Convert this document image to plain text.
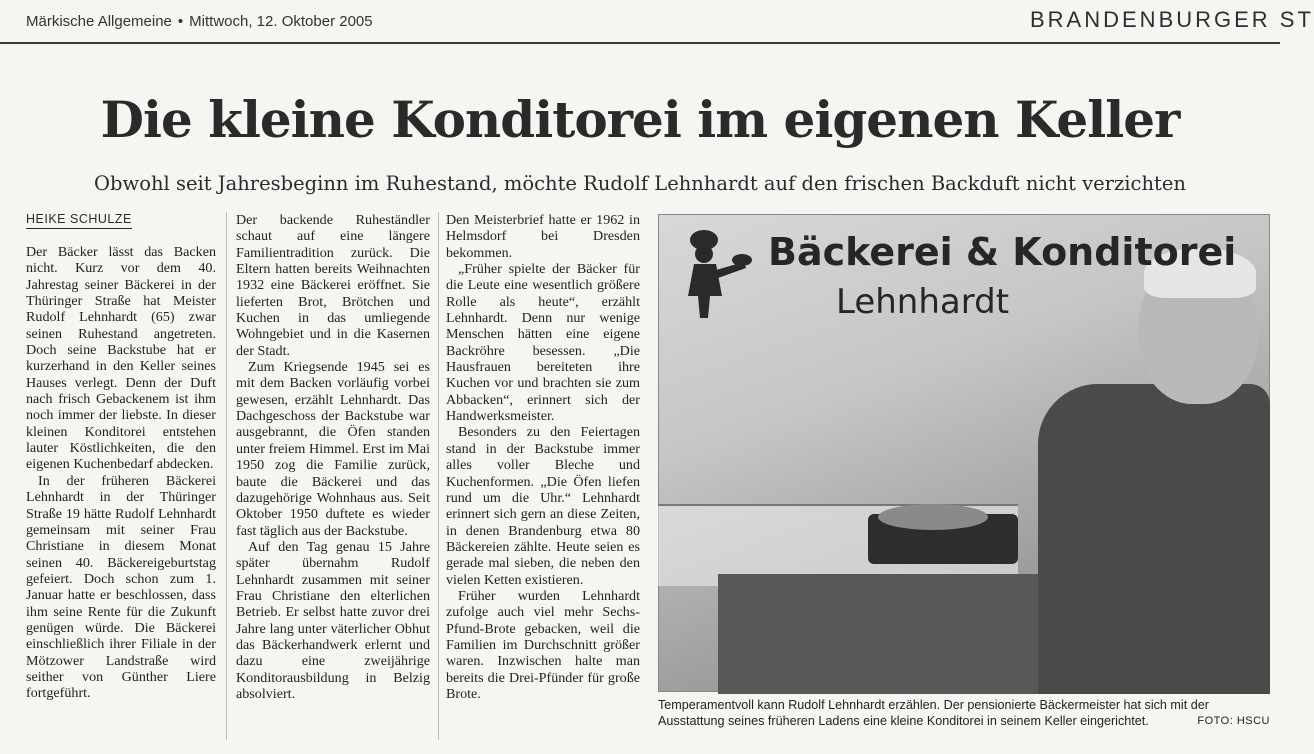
Märkische Allgemeine • Mittwoch, 12. Oktober 2005	BRANDENBURGER ST
Die kleine Konditorei im eigenen Keller
Obwohl seit Jahresbeginn im Ruhestand, möchte Rudolf Lehnhardt auf den frischen Backduft nicht verzichten
HEIKE SCHULZE

Der Bäcker lässt das Backen nicht. Kurz vor dem 40. Jahrestag seiner Bäckerei in der Thüringer Straße hat Meister Rudolf Lehnhardt (65) zwar seinen Ruhestand angetreten. Doch seine Backstube hat er kurzerhand in den Keller seines Hauses verlegt. Denn der Duft nach frisch Gebackenem ist ihm noch immer der liebste. In dieser kleinen Konditorei entstehen lauter Köstlichkeiten, die den eigenen Kuchenbedarf abdecken.

In der früheren Bäckerei Lehnhardt in der Thüringer Straße 19 hätte Rudolf Lehnhardt gemeinsam mit seiner Frau Christiane in diesem Monat seinen 40. Bäckereigeburtstag gefeiert. Doch schon zum 1. Januar hatte er beschlossen, dass ihm seine Rente für die Zukunft genügen würde. Die Bäckerei einschließlich ihrer Filiale in der Mötzower Landstraße wird seither von Günther Liere fortgeführt.

Der backende Ruheständler schaut auf eine längere Familientradition zurück. Die Eltern hatten bereits Weihnachten 1932 eine Bäckerei eröffnet. Sie lieferten Brot, Brötchen und Kuchen in das umliegende Wohngebiet und in die Kasernen der Stadt.

Zum Kriegsende 1945 sei es mit dem Backen vorläufig vorbei gewesen, erzählt Lehnhardt. Das Dachgeschoss der Backstube war ausgebrannt, die Öfen standen unter freiem Himmel. Erst im Mai 1950 zog die Familie zurück, baute die Bäckerei und das dazugehörige Wohnhaus aus. Seit Oktober 1950 duftete es wieder fast täglich aus der Backstube.

Auf den Tag genau 15 Jahre später übernahm Rudolf Lehnhardt zusammen mit seiner Frau Christiane den elterlichen Betrieb. Er selbst hatte zuvor drei Jahre lang unter väterlicher Obhut das Bäckerhandwerk erlernt und dazu eine zweijährige Konditorausbildung in Belzig absolviert.

Den Meisterbrief hatte er 1962 in Helmsdorf bei Dresden bekommen.

„Früher spielte der Bäcker für die Leute eine wesentlich größere Rolle als heute“, erzählt Lehnhardt. Denn nur wenige Menschen hätten eine eigene Backröhre besessen. „Die Hausfrauen bereiteten ihre Kuchen vor und brachten sie zum Abbacken“, erinnert sich der Handwerksmeister.

Besonders zu den Feiertagen stand in der Backstube immer alles voller Bleche und Kuchenformen. „Die Öfen liefen rund um die Uhr.“ Lehnhardt erinnert sich gern an diese Zeiten, in denen Brandenburg etwa 80 Bäckereien zählte. Heute seien es gerade mal sieben, die neben den vielen Ketten existieren.

Früher wurden Lehnhardt zufolge auch viel mehr Sechs-Pfund-Brote gebacken, weil die Familien im Durchschnitt größer waren. Inzwischen halte man bereits die Drei-Pfünder für große Brote.

Bäckerei & Konditorei
Lehnhardt
Temperamentvoll kann Rudolf Lehnhardt erzählen. Der pensionierte Bäckermeister hat sich mit der Ausstattung seines früheren Ladens eine kleine Konditorei in seinem Keller eingerichtet.	FOTO: HSCU
